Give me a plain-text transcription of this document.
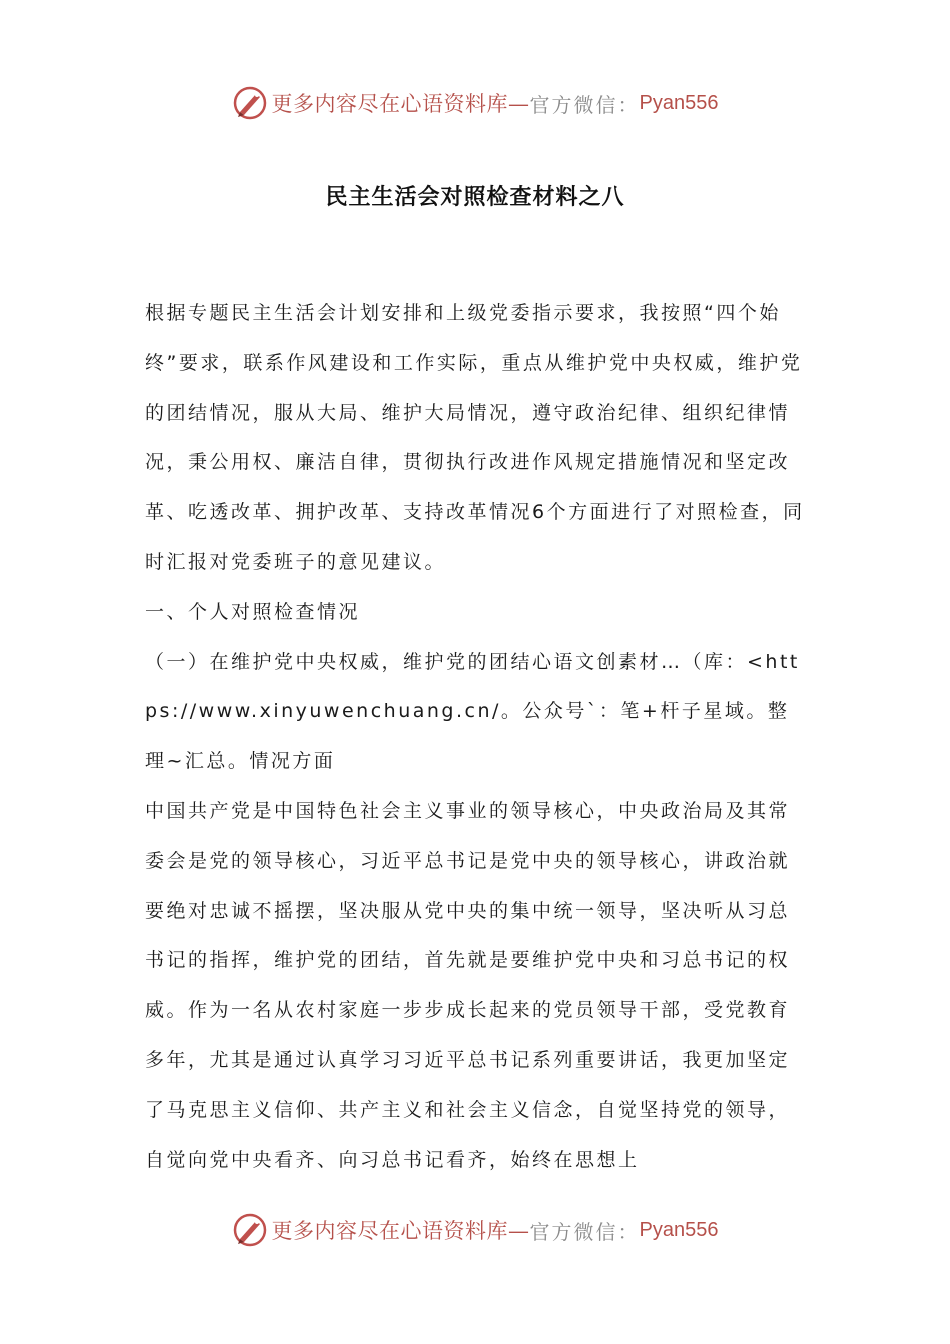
更多内容尽在心语资料库— 官方微信： Pyan556
民主生活会对照检查材料之八

根据专题民主生活会计划安排和上级党委指示要求，我按照“四个始终”要求，联系作风建设和工作实际，重点从维护党中央权威，维护党的团结情况，服从大局、维护大局情况，遵守政治纪律、组织纪律情况，秉公用权、廉洁自律，贯彻执行改进作风规定措施情况和坚定改革、吃透改革、拥护改革、支持改革情况6个方面进行了对照检查，同时汇报对党委班子的意见建议。

一、个人对照检查情况

（一）在维护党中央权威，维护党的团结心语文创素材…（库：<https://www.xinyuwenchuang.cn/。公众号`：笔+杆子星域。整理~汇总。情况方面

中国共产党是中国特色社会主义事业的领导核心，中央政治局及其常委会是党的领导核心，习近平总书记是党中央的领导核心，讲政治就要绝对忠诚不摇摆，坚决服从党中央的集中统一领导，坚决听从习总书记的指挥，维护党的团结，首先就是要维护党中央和习总书记的权威。作为一名从农村家庭一步步成长起来的党员领导干部，受党教育多年，尤其是通过认真学习习近平总书记系列重要讲话，我更加坚定了马克思主义信仰、共产主义和社会主义信念，自觉坚持党的领导，自觉向党中央看齐、向习总书记看齐，始终在思想上

更多内容尽在心语资料库— 官方微信： Pyan556
